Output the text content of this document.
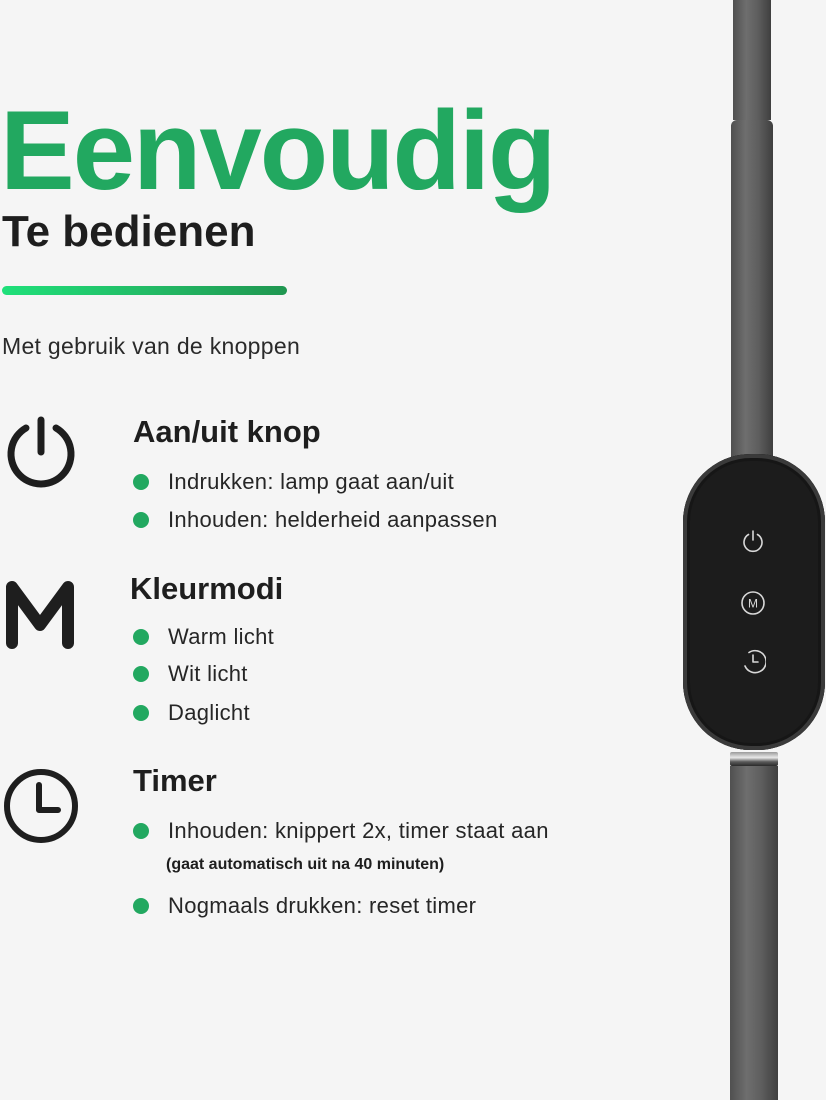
Eenvoudig
Te bedienen
Met gebruik van de knoppen
Aan/uit knop
Indrukken: lamp gaat aan/uit
Inhouden: helderheid aanpassen
Kleurmodi
Warm licht
Wit licht
Daglicht
Timer
Inhouden: knippert 2x, timer staat aan
(gaat automatisch uit na 40 minuten)
Nogmaals drukken: reset timer
M
